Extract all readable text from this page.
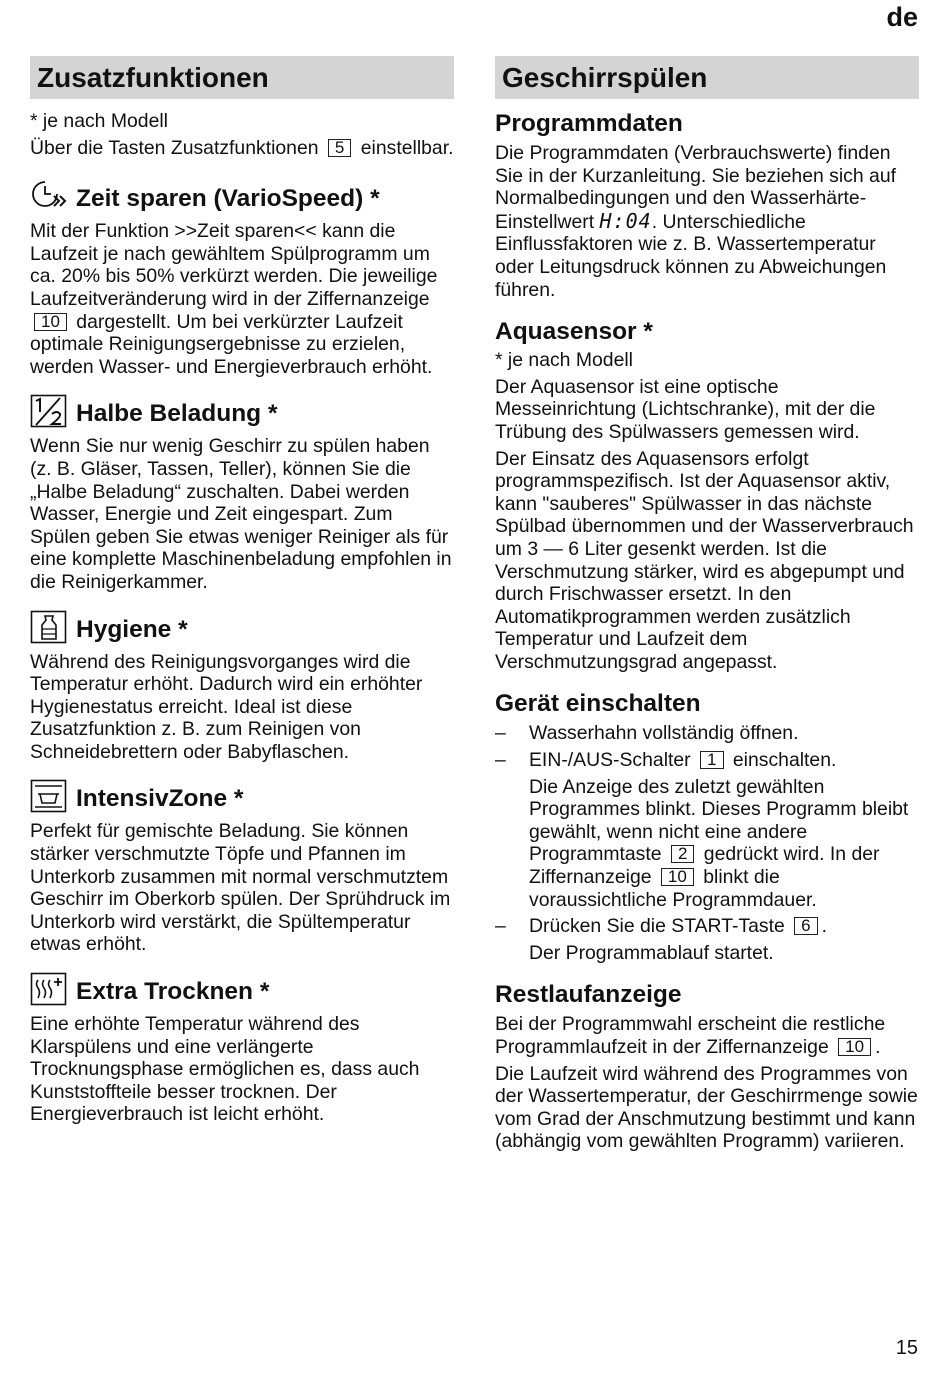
de
Zusatzfunktionen

* je nach Modell

Über die Tasten Zusatzfunktionen 5 einstellbar.

Zeit sparen (VarioSpeed) *

Mit der Funktion >>Zeit sparen<< kann die Laufzeit je nach gewähltem Spülprogramm um ca. 20% bis 50% verkürzt werden. Die jeweilige Laufzeitveränderung wird in der Ziffernanzeige 10 dargestellt. Um bei verkürzter Laufzeit optimale Reinigungsergebnisse zu erzielen, werden Wasser- und Energieverbrauch erhöht.

Halbe Beladung *

Wenn Sie nur wenig Geschirr zu spülen haben (z. B. Gläser, Tassen, Teller), können Sie die „Halbe Beladung“ zuschalten. Dabei werden Wasser, Energie und Zeit eingespart. Zum Spülen geben Sie etwas weniger Reiniger als für eine komplette Maschinenbeladung empfohlen in die Reinigerkammer.

Hygiene *

Während des Reinigungsvorganges wird die Temperatur erhöht. Dadurch wird ein erhöhter Hygienestatus erreicht. Ideal ist diese Zusatzfunktion z. B. zum Reinigen von Schneidebrettern oder Babyflaschen.

IntensivZone *

Perfekt für gemischte Beladung. Sie können stärker verschmutzte Töpfe und Pfannen im Unterkorb zusammen mit normal verschmutztem Geschirr im Oberkorb spülen. Der Sprühdruck im Unterkorb wird verstärkt, die Spültemperatur etwas erhöht.

Extra Trocknen *

Eine erhöhte Temperatur während des Klarspülens und eine verlängerte Trocknungsphase ermöglichen es, dass auch Kunststoffteile besser trocknen. Der Energieverbrauch ist leicht erhöht.

Geschirrspülen
Programmdaten

Die Programmdaten (Verbrauchswerte) finden Sie in der Kurzanleitung. Sie beziehen sich auf Normalbedingungen und den Wasserhärte-Einstellwert H:04. Unterschiedliche Einflussfaktoren wie z. B. Wassertemperatur oder Leitungsdruck können zu Abweichungen führen.

Aquasensor *

* je nach Modell

Der Aquasensor ist eine optische Messeinrichtung (Lichtschranke), mit der die Trübung des Spülwassers gemessen wird.

Der Einsatz des Aquasensors erfolgt programmspezifisch. Ist der Aquasensor aktiv, kann "sauberes" Spülwasser in das nächste Spülbad übernommen und der Wasserverbrauch um 3 — 6 Liter gesenkt werden. Ist die Verschmutzung stärker, wird es abgepumpt und durch Frischwasser ersetzt. In den Automatikprogrammen werden zusätzlich Temperatur und Laufzeit dem Verschmutzungsgrad angepasst.

Gerät einschalten
– Wasserhahn vollständig öffnen.
– EIN-/AUS-Schalter 1 einschalten.

Die Anzeige des zuletzt gewählten Programmes blinkt. Dieses Programm bleibt gewählt, wenn nicht eine andere Programmtaste 2 gedrückt wird. In der Ziffernanzeige 10 blinkt die voraussichtliche Programmdauer.

– Drücken Sie die START-Taste 6 .

Der Programmablauf startet.

Restlaufanzeige

Bei der Programmwahl erscheint die restliche Programmlaufzeit in der Ziffernanzeige 10 .

Die Laufzeit wird während des Programmes von der Wassertemperatur, der Geschirrmenge sowie vom Grad der Anschmutzung bestimmt und kann (abhängig vom gewählten Programm) variieren.

15
